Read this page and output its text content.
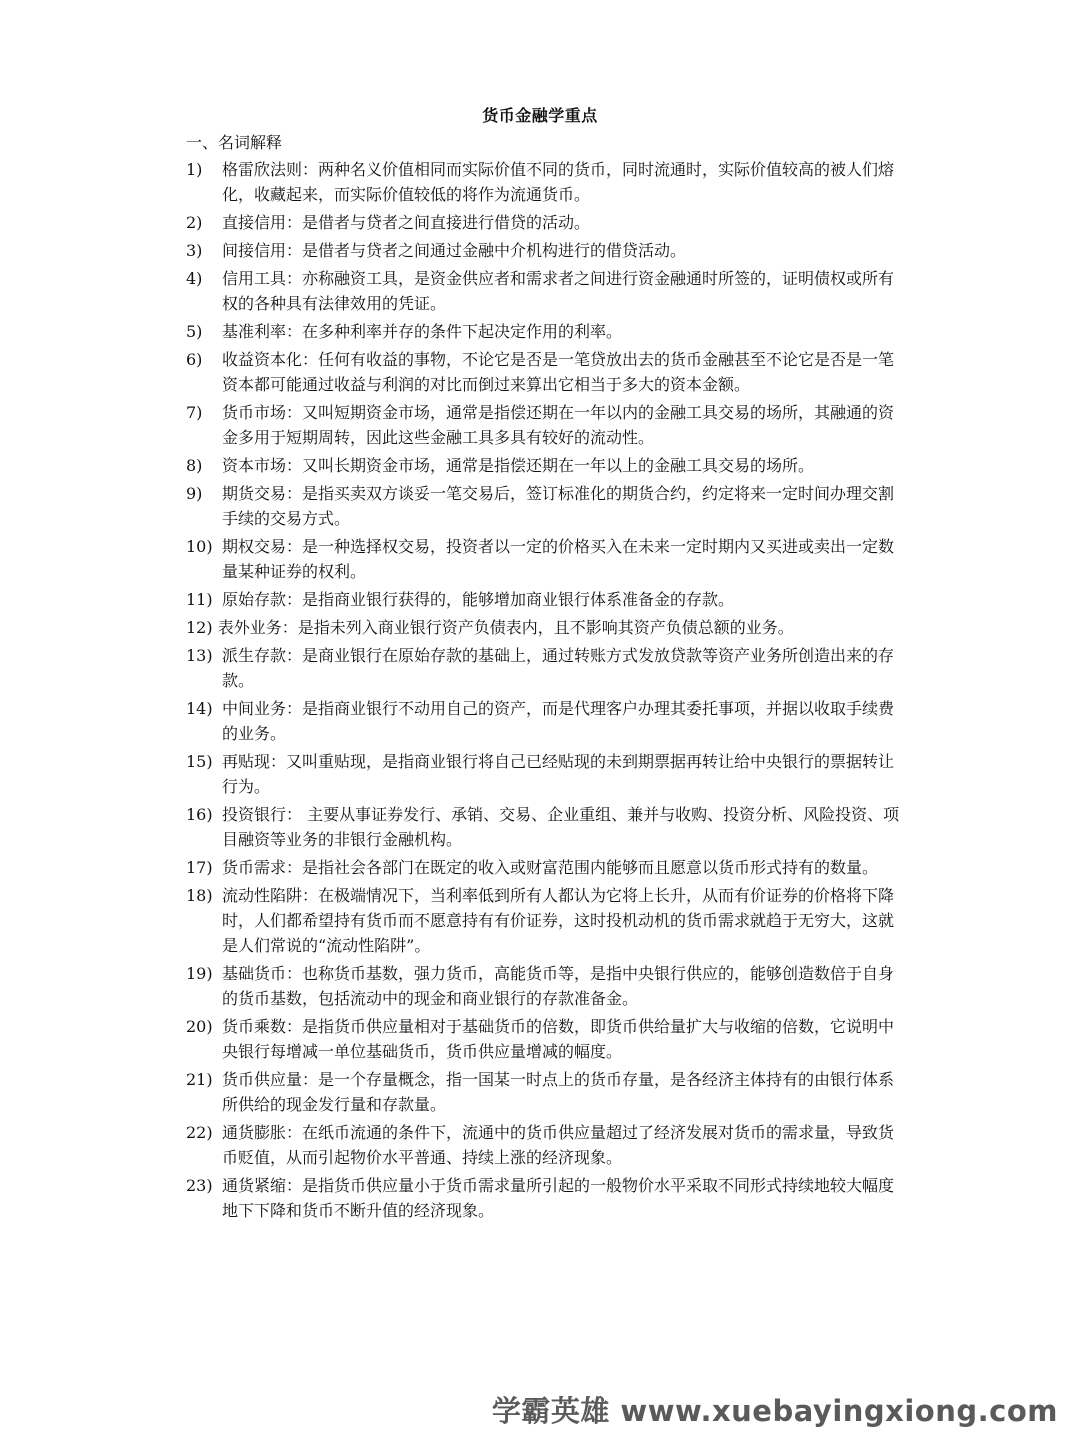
货币金融学重点
一、名词解释
1) 格雷欣法则：两种名义价值相同而实际价值不同的货币，同时流通时，实际价值较高的被人们熔化，收藏起来，而实际价值较低的将作为流通货币。
2) 直接信用：是借者与贷者之间直接进行借贷的活动。
3) 间接信用：是借者与贷者之间通过金融中介机构进行的借贷活动。
4) 信用工具：亦称融资工具，是资金供应者和需求者之间进行资金融通时所签的，证明债权或所有权的各种具有法律效用的凭证。
5) 基准利率：在多种利率并存的条件下起决定作用的利率。
6) 收益资本化：任何有收益的事物，不论它是否是一笔贷放出去的货币金融甚至不论它是否是一笔资本都可能通过收益与利润的对比而倒过来算出它相当于多大的资本金额。
7) 货币市场：又叫短期资金市场，通常是指偿还期在一年以内的金融工具交易的场所，其融通的资金多用于短期周转，因此这些金融工具多具有较好的流动性。
8) 资本市场：又叫长期资金市场，通常是指偿还期在一年以上的金融工具交易的场所。
9) 期货交易：是指买卖双方谈妥一笔交易后，签订标准化的期货合约，约定将来一定时间办理交割手续的交易方式。
10) 期权交易：是一种选择权交易，投资者以一定的价格买入在未来一定时期内又买进或卖出一定数量某种证券的权利。
11) 原始存款：是指商业银行获得的，能够增加商业银行体系准备金的存款。
12) 表外业务：是指未列入商业银行资产负债表内，且不影响其资产负债总额的业务。
13) 派生存款：是商业银行在原始存款的基础上，通过转账方式发放贷款等资产业务所创造出来的存款。
14) 中间业务：是指商业银行不动用自己的资产，而是代理客户办理其委托事项，并据以收取手续费的业务。
15) 再贴现：又叫重贴现，是指商业银行将自己已经贴现的未到期票据再转让给中央银行的票据转让行为。
16) 投资银行： 主要从事证券发行、承销、交易、企业重组、兼并与收购、投资分析、风险投资、项目融资等业务的非银行金融机构。
17) 货币需求：是指社会各部门在既定的收入或财富范围内能够而且愿意以货币形式持有的数量。
18) 流动性陷阱：在极端情况下，当利率低到所有人都认为它将上长升，从而有价证券的价格将下降时，人们都希望持有货币而不愿意持有有价证券，这时投机动机的货币需求就趋于无穷大，这就是人们常说的“流动性陷阱”。
19) 基础货币：也称货币基数，强力货币，高能货币等，是指中央银行供应的，能够创造数倍于自身的货币基数，包括流动中的现金和商业银行的存款准备金。
20) 货币乘数：是指货币供应量相对于基础货币的倍数，即货币供给量扩大与收缩的倍数，它说明中央银行每增减一单位基础货币，货币供应量增减的幅度。
21) 货币供应量：是一个存量概念，指一国某一时点上的货币存量，是各经济主体持有的由银行体系所供给的现金发行量和存款量。
22) 通货膨胀：在纸币流通的条件下，流通中的货币供应量超过了经济发展对货币的需求量，导致货币贬值，从而引起物价水平普通、持续上涨的经济现象。
23) 通货紧缩：是指货币供应量小于货币需求量所引起的一般物价水平采取不同形式持续地较大幅度地下下降和货币不断升值的经济现象。
学霸英雄 www.xuebayingxiong.com
